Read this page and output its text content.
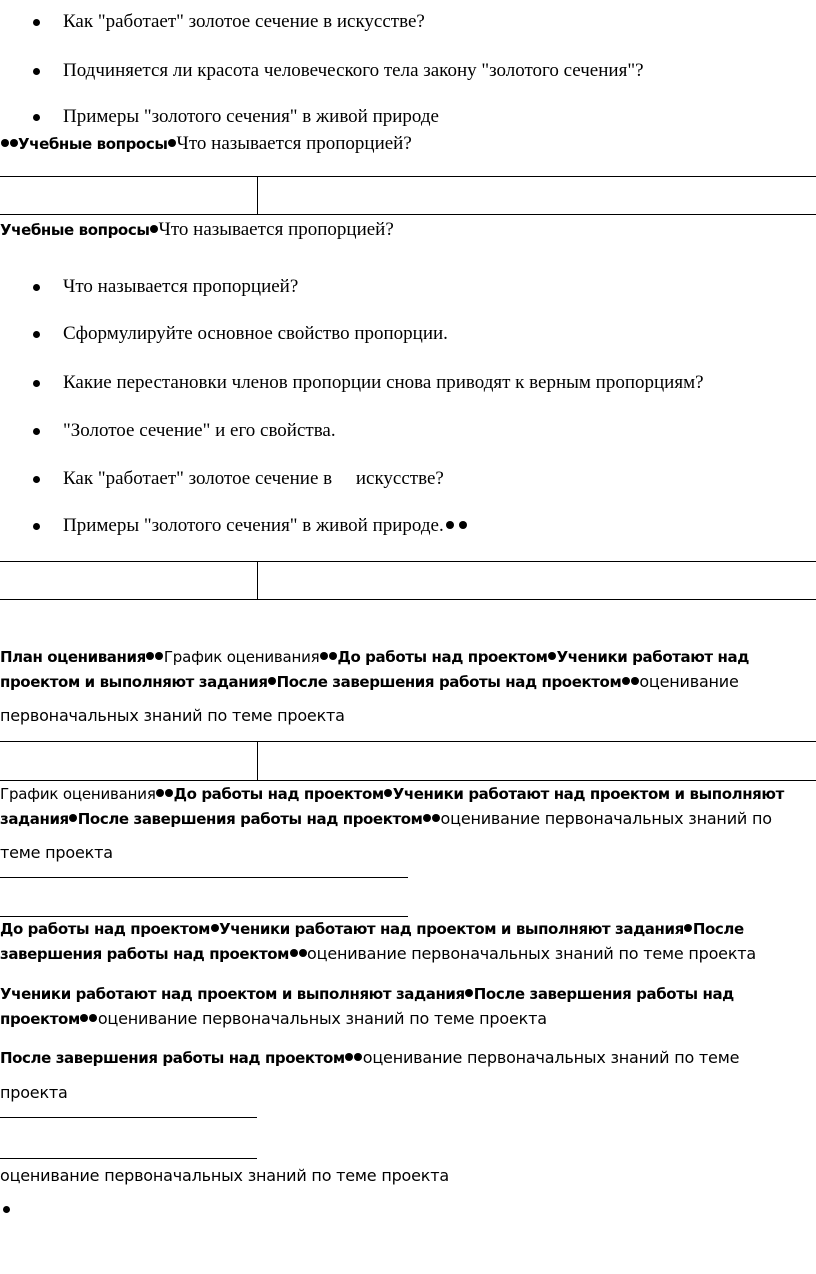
Как "работает" золотое сечение в искусстве?
Подчиняется ли красота человеческого тела закону "золотого сечения"?
Примеры "золотого сечения" в живой природе
Учебные вопросы Что называется пропорцией?
Учебные вопросы Что называется пропорцией?
Что называется пропорцией?
Сформулируйте основное свойство пропорции.
Какие перестановки членов пропорции снова приводят к верным пропорциям?
"Золотое сечение" и его свойства.
Как "работает" золотое сечение в     искусстве?
Примеры "золотого сечения" в живой природе.
План оценивания График оценивания До работы над проектом Ученики работают над
проектом и выполняют задания После завершения работы над проектом оценивание
первоначальных знаний по теме проекта
График оценивания До работы над проектом Ученики работают над проектом и выполняют
задания После завершения работы над проектом оценивание первоначальных знаний по
теме проекта
До работы над проектом Ученики работают над проектом и выполняют задания После
завершения работы над проектом оценивание первоначальных знаний по теме проекта
Ученики работают над проектом и выполняют задания После завершения работы над
проектом оценивание первоначальных знаний по теме проекта
После завершения работы над проектом оценивание первоначальных знаний по теме
проекта
оценивание первоначальных знаний по теме проекта
